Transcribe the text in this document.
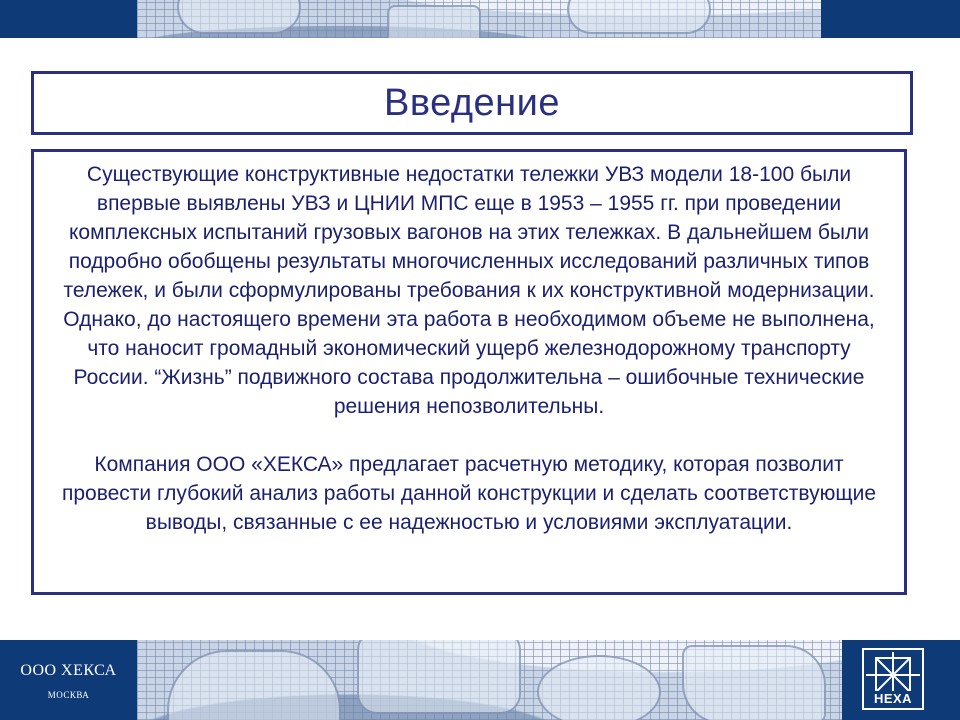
Введение

Существующие конструктивные недостатки тележки УВЗ модели 18-100 были впервые выявлены УВЗ и ЦНИИ МПС еще в 1953 – 1955 гг. при проведении комплексных испытаний грузовых вагонов на этих тележках. В дальнейшем были подробно обобщены результаты многочисленных исследований различных типов тележек, и были сформулированы требования к их конструктивной модернизации. Однако, до настоящего времени эта работа в необходимом объеме не выполнена, что наносит громадный экономический ущерб железнодорожному транспорту России. “Жизнь” подвижного состава продолжительна – ошибочные технические решения непозволительны.

Компания ООО «ХЕКСА» предлагает расчетную методику, которая позволит провести глубокий анализ работы данной конструкции и сделать соответствующие выводы, связанные с ее надежностью и условиями эксплуатации.

ООО ХЕКСА
МОСКВА	HEXA
